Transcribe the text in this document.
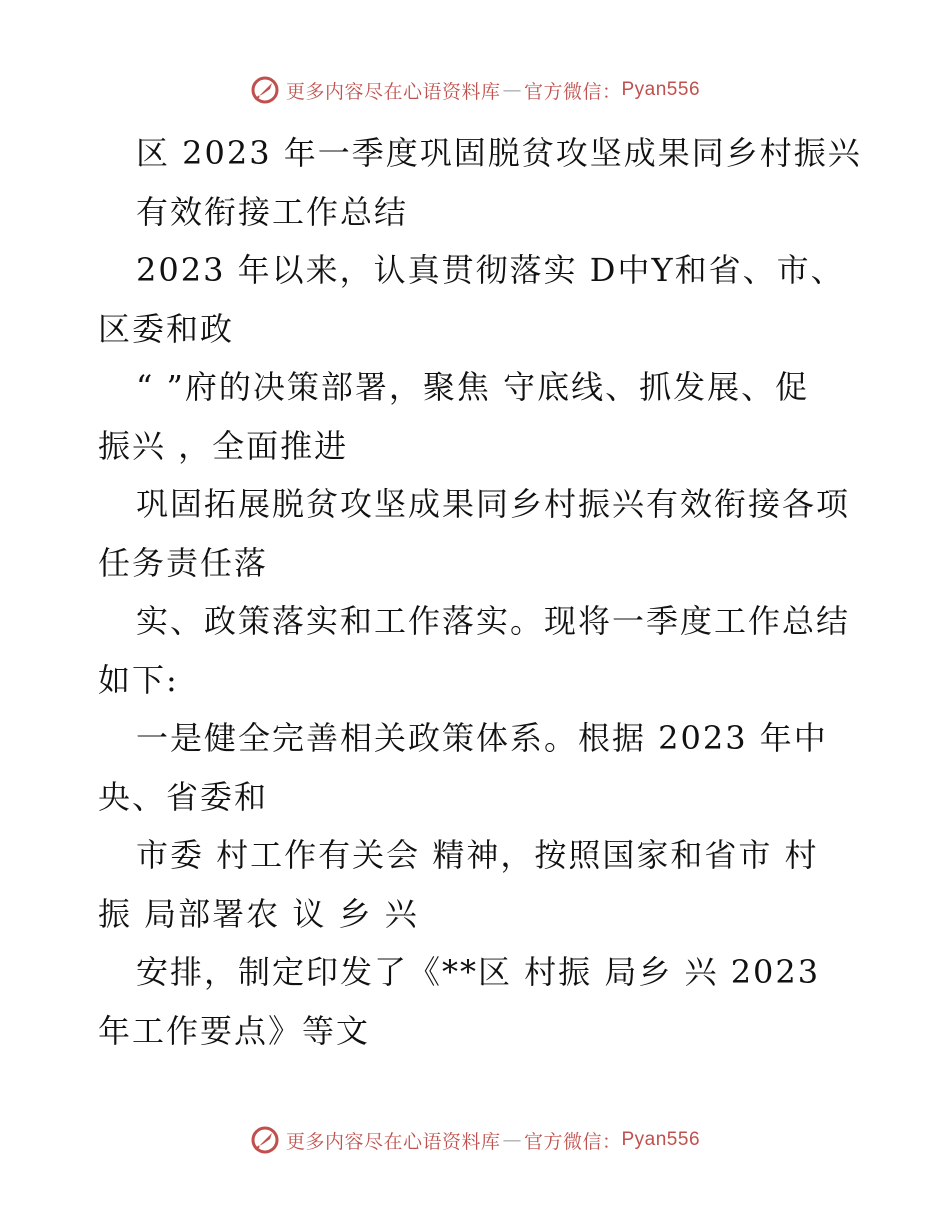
更多内容尽在心语资料库 — 官方微信： Pyan556
区 2023 年一季度巩固脱贫攻坚成果同乡村振兴
有效衔接工作总结
2023 年以来，认真贯彻落实 D中Y和省、市、
区委和政
“ ”府的决策部署，聚焦 守底线、抓发展、促
振兴 ，全面推进
巩固拓展脱贫攻坚成果同乡村振兴有效衔接各项
任务责任落
实、政策落实和工作落实。现将一季度工作总结
如下:
一是健全完善相关政策体系。根据 2023 年中
央、省委和
市委 村工作有关会 精神，按照国家和省市 村
振 局部署农 议 乡 兴
安排，制定印发了《**区 村振 局乡 兴 2023
年工作要点》等文
更多内容尽在心语资料库 — 官方微信： Pyan556
